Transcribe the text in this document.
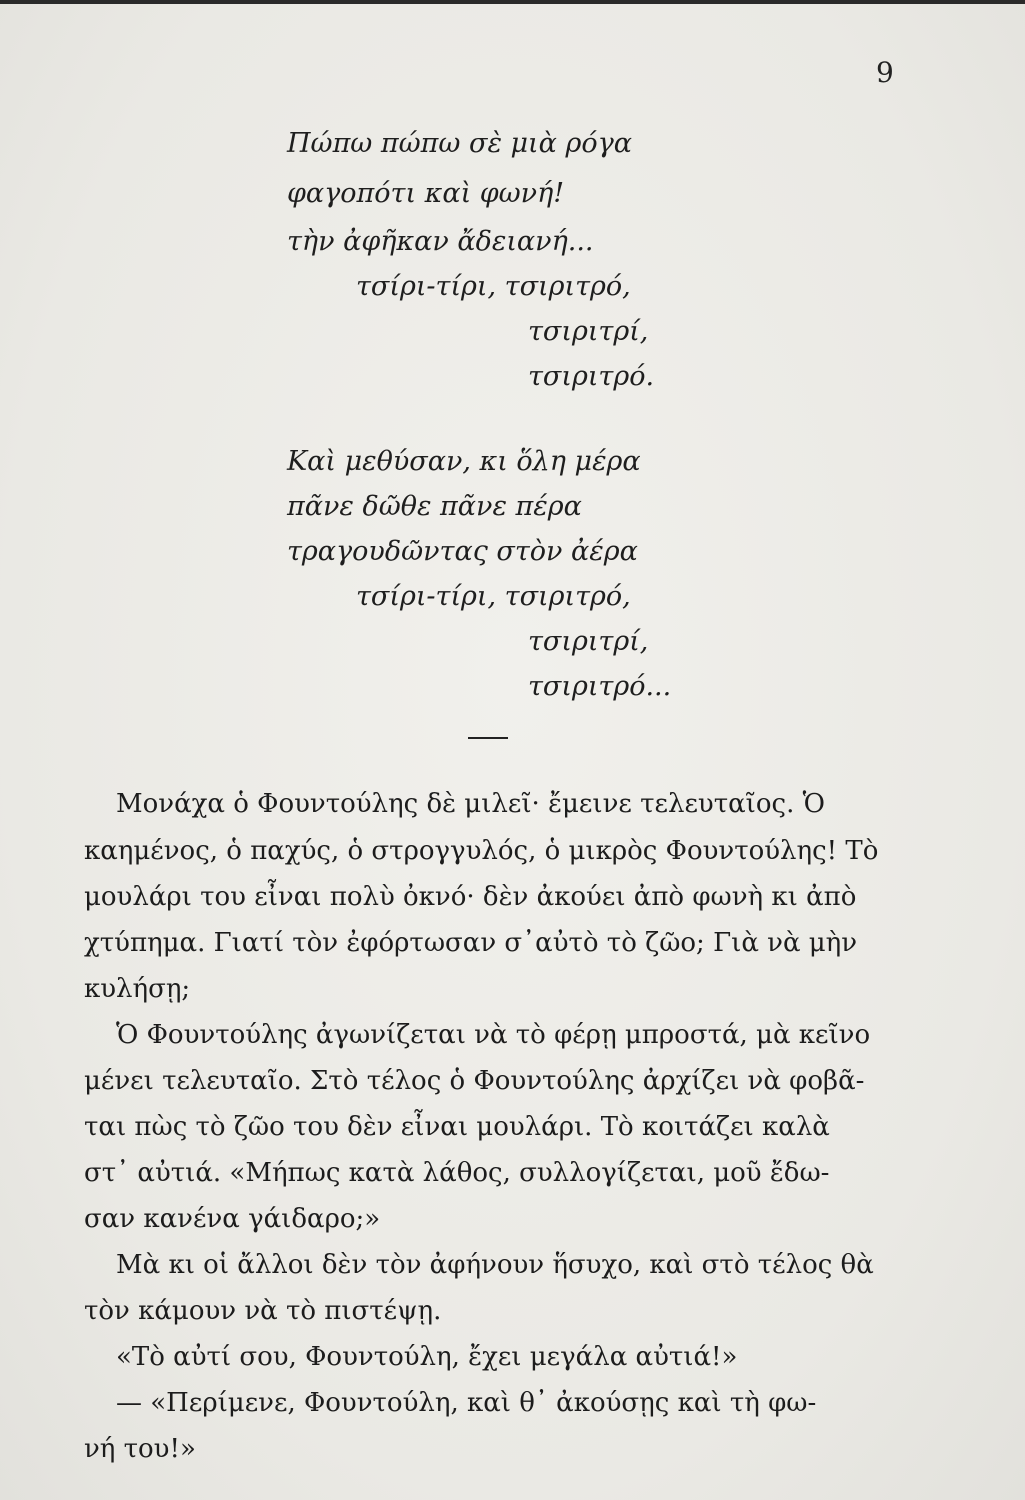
9
Πώπω πώπω σὲ μιὰ ρόγα
φαγοπότι καὶ φωνή!
τὴν ἀφῆκαν ἄδειανή...
τσίρι-τίρι, τσιριτρό,
τσιριτρί,
τσιριτρό.
Καὶ μεθύσαν, κι ὅλη μέρα
πᾶνε δῶθε πᾶνε πέρα
τραγουδῶντας στὸν ἀέρα
τσίρι-τίρι, τσιριτρό,
τσιριτρί,
τσιριτρό...
Μονάχα ὁ Φουντούλης δὲ μιλεῖ· ἔμεινε τελευταῖος. Ὁ
καημένος, ὁ παχύς, ὁ στρογγυλός, ὁ μικρὸς Φουντούλης! Τὸ
μουλάρι του εἶναι πολὺ ὀκνό· δὲν ἀκούει ἀπὸ φωνὴ κι ἀπὸ
χτύπημα. Γιατί τὸν ἐφόρτωσαν σ᾽αὐτὸ τὸ ζῶο; Γιὰ νὰ μὴν
κυλήσῃ;
Ὁ Φουντούλης ἀγωνίζεται νὰ τὸ φέρῃ μπροστά, μὰ κεῖνο
μένει τελευταῖο. Στὸ τέλος ὁ Φουντούλης ἀρχίζει νὰ φοβᾶ-
ται πὼς τὸ ζῶο του δὲν εἶναι μουλάρι. Τὸ κοιτάζει καλὰ
στ᾽ αὐτιά. «Μήπως κατὰ λάθος, συλλογίζεται, μοῦ ἔδω-
σαν κανένα γάιδαρο;»
Μὰ κι οἱ ἄλλοι δὲν τὸν ἀφήνουν ἥσυχο, καὶ στὸ τέλος θὰ
τὸν κάμουν νὰ τὸ πιστέψῃ.
«Τὸ αὐτί σου, Φουντούλη, ἔχει μεγάλα αὐτιά!»
— «Περίμενε, Φουντούλη, καὶ θ᾽ ἀκούσῃς καὶ τὴ φω-
νή του!»
